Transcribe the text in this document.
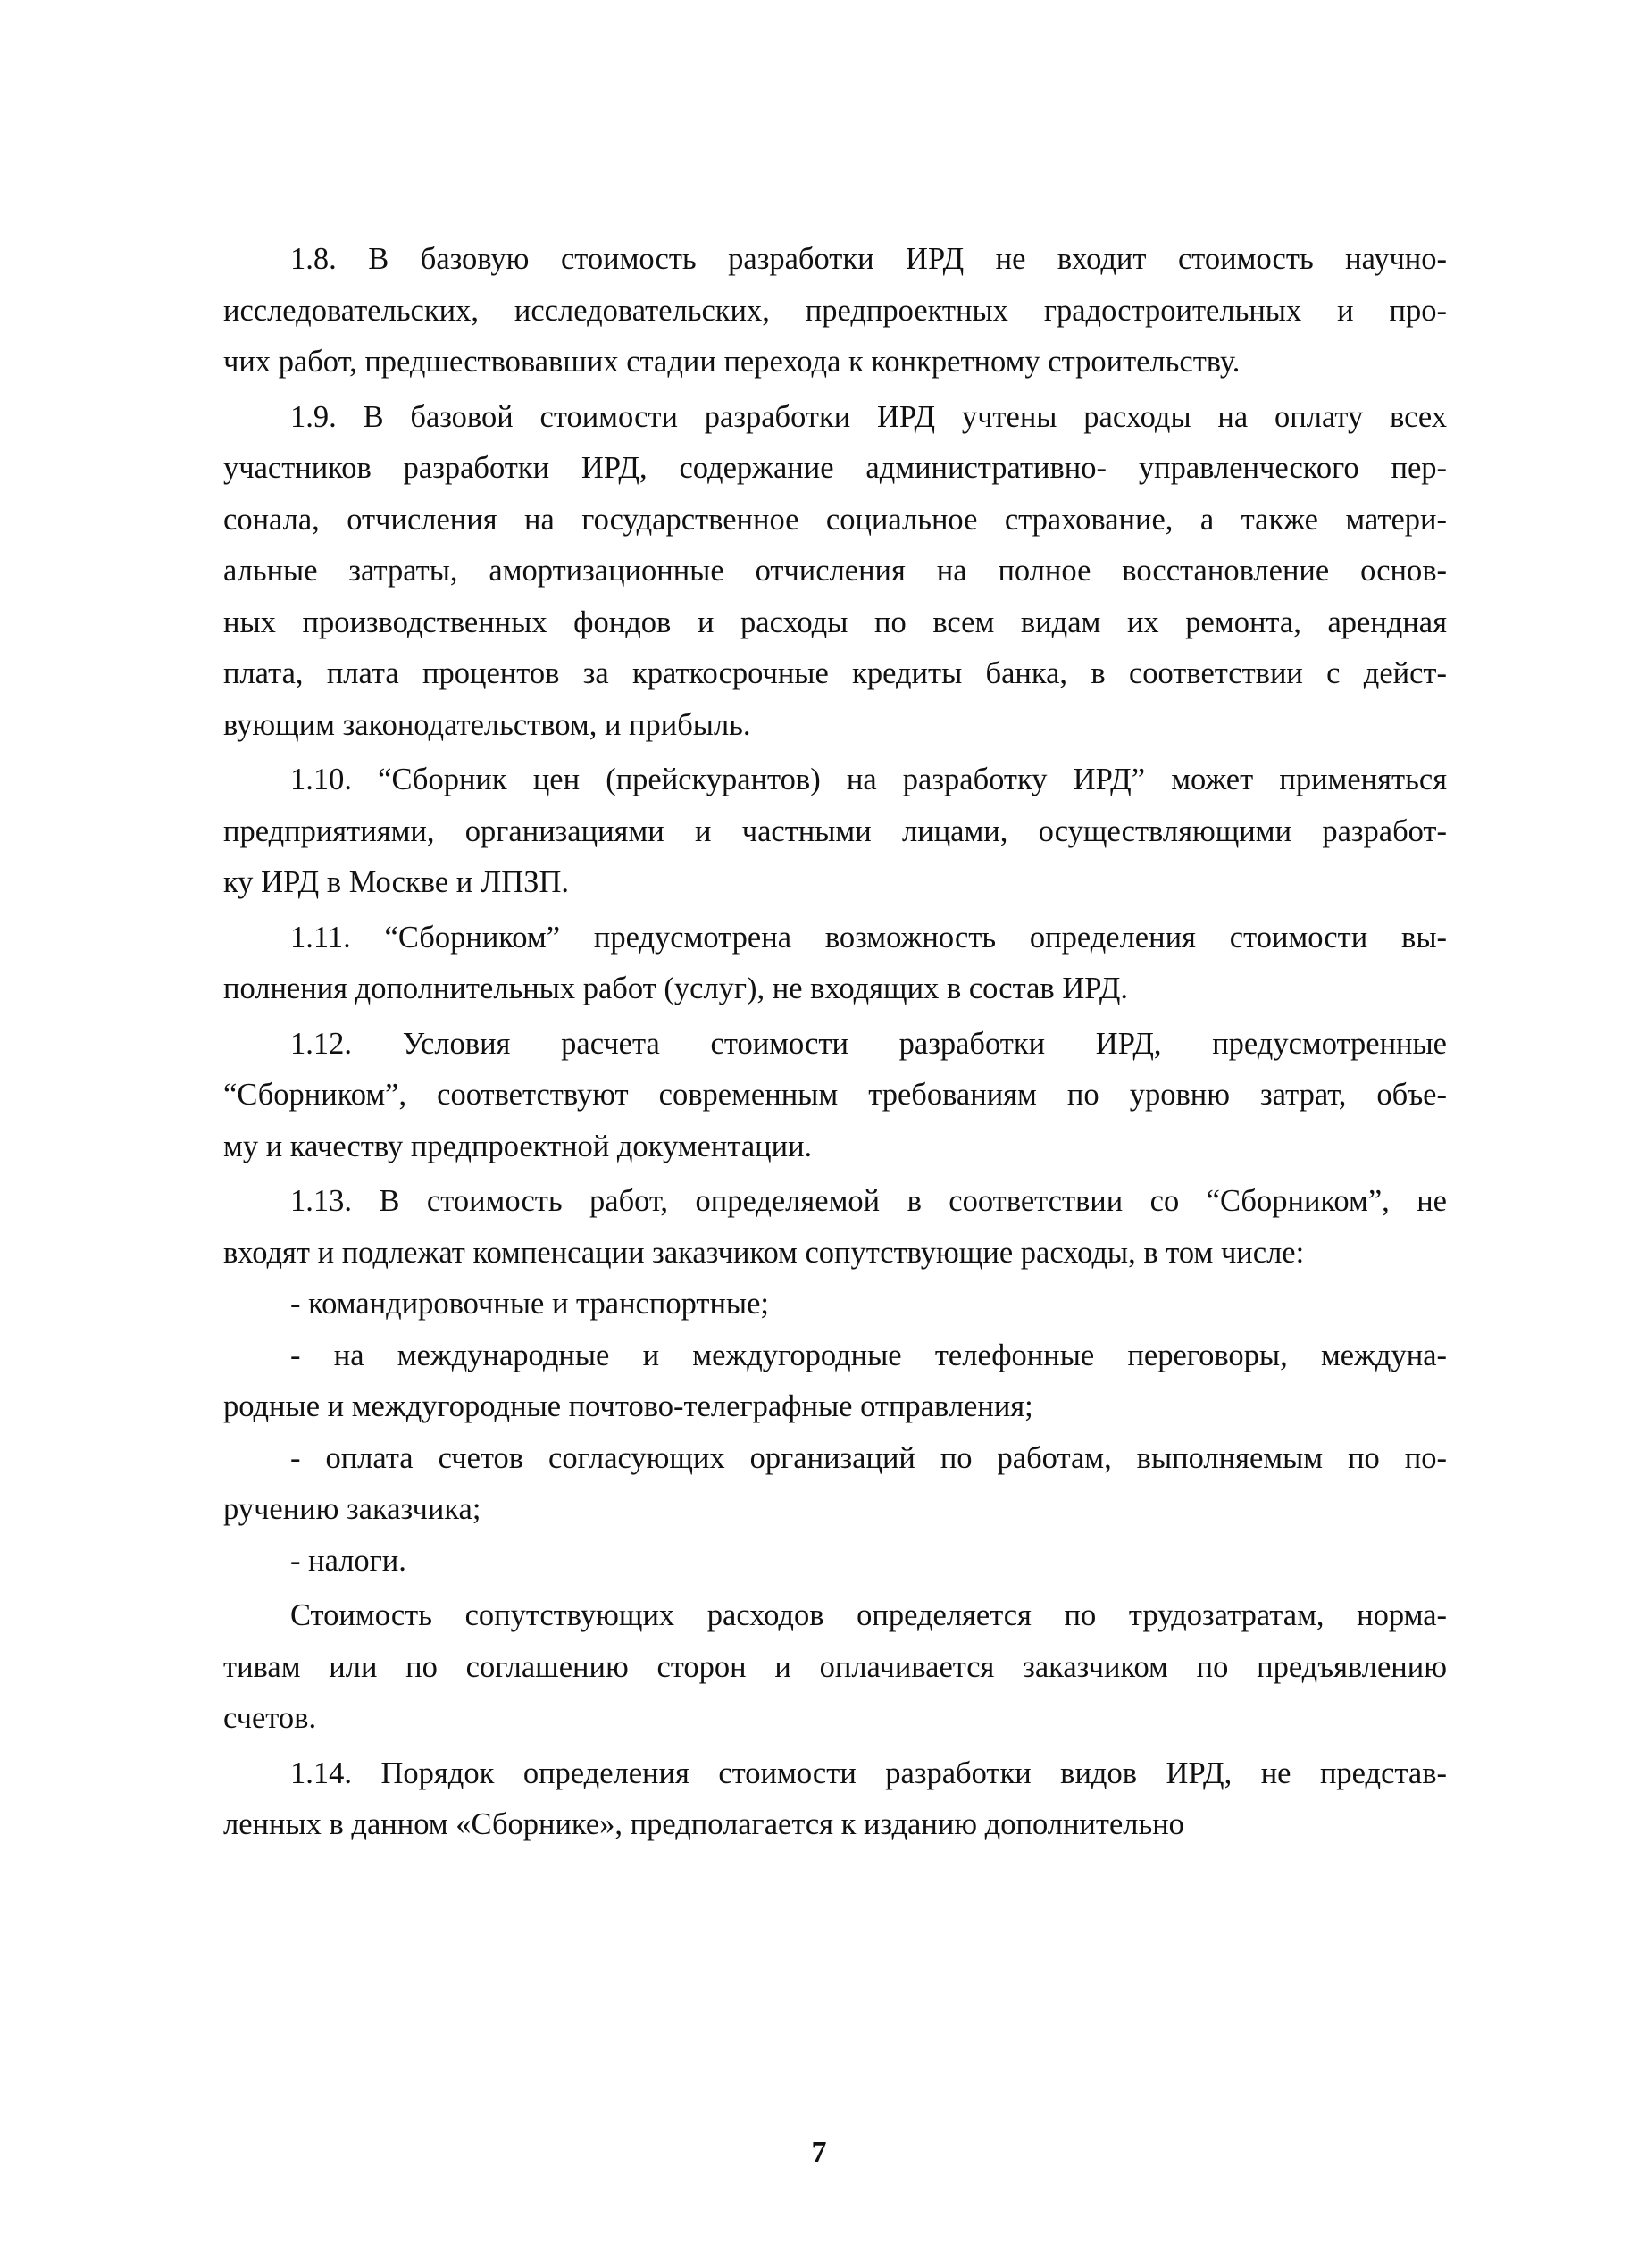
1.8. В базовую стоимость разработки ИРД не входит стоимость научно-
исследовательских, исследовательских, предпроектных градостроительных и про-
чих работ, предшествовавших стадии перехода к конкретному строительству.

1.9. В базовой стоимости разработки ИРД учтены расходы на оплату всех
участников разработки ИРД, содержание административно- управленческого пер-
сонала, отчисления на государственное социальное страхование, а также матери-
альные затраты, амортизационные отчисления на полное восстановление основ-
ных производственных фондов и расходы по всем видам их ремонта, арендная
плата, плата процентов за краткосрочные кредиты банка, в соответствии с дейст-
вующим законодательством, и прибыль.

1.10. “Сборник цен (прейскурантов) на разработку ИРД” может применяться
предприятиями, организациями и частными лицами, осуществляющими разработ-
ку ИРД в Москве и ЛПЗП.

1.11. “Сборником” предусмотрена возможность определения стоимости вы-
полнения дополнительных работ (услуг), не входящих в состав ИРД.

1.12. Условия расчета стоимости разработки ИРД, предусмотренные
“Сборником”, соответствуют современным требованиям по уровню затрат, объе-
му и качеству предпроектной документации.

1.13. В стоимость работ, определяемой в соответствии со “Сборником”, не
входят и подлежат компенсации заказчиком сопутствующие расходы, в том числе:

- командировочные и транспортные;

- на международные и междугородные телефонные переговоры, междуна-
родные и междугородные почтово-телеграфные отправления;

- оплата счетов согласующих организаций по работам, выполняемым по по-
ручению заказчика;

- налоги.

Стоимость сопутствующих расходов определяется по трудозатратам, норма-
тивам или по соглашению сторон и оплачивается заказчиком по предъявлению
счетов.

1.14. Порядок определения стоимости разработки видов ИРД, не представ-
ленных в данном «Сборнике», предполагается к изданию дополнительно

7
